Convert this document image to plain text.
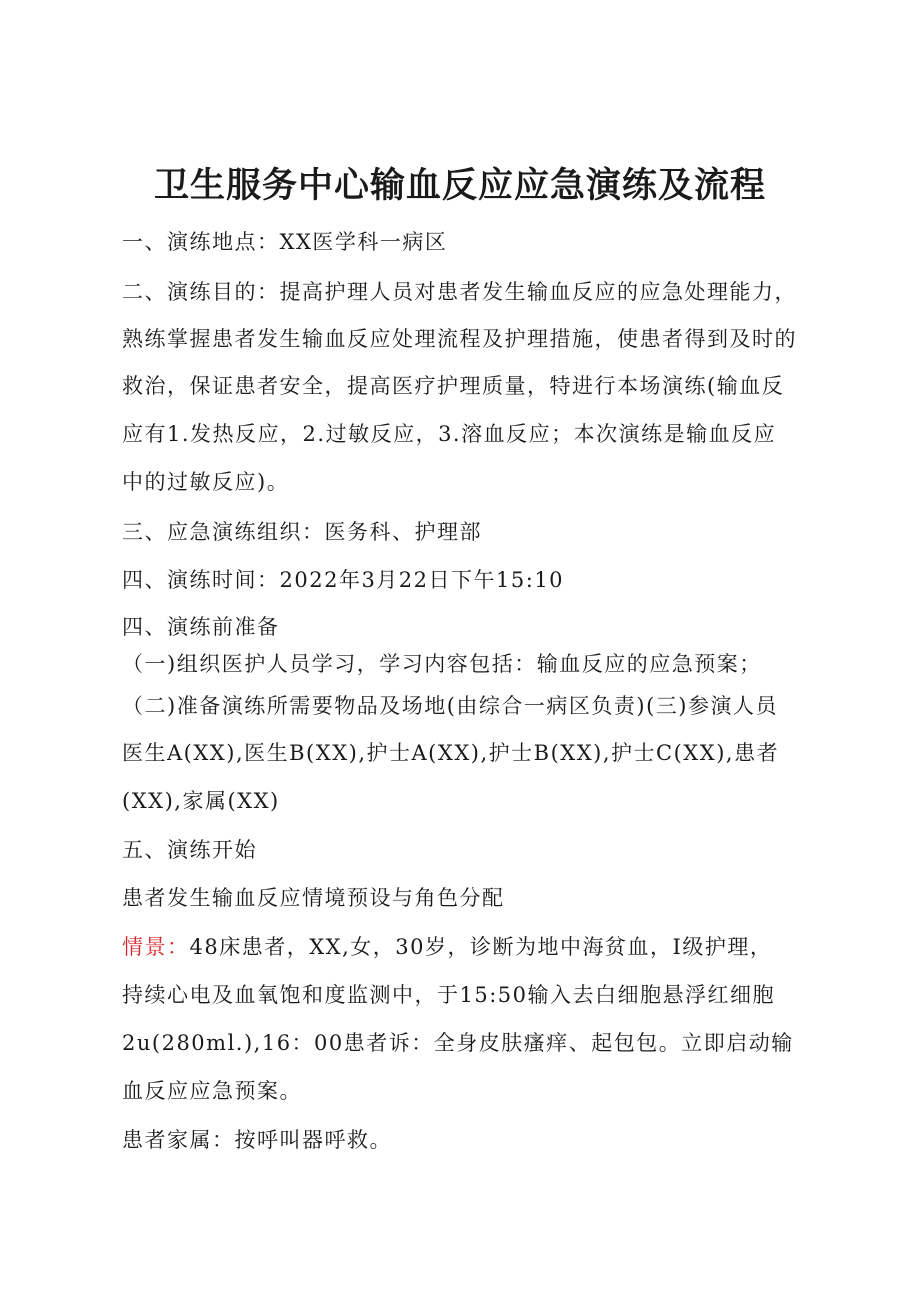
卫生服务中心输血反应应急演练及流程
一、演练地点：XX医学科一病区
二、演练目的：提高护理人员对患者发生输血反应的应急处理能力，
熟练掌握患者发生输血反应处理流程及护理措施，使患者得到及时的
救治，保证患者安全，提高医疗护理质量，特进行本场演练(输血反
应有1.发热反应，2.过敏反应，3.溶血反应；本次演练是输血反应
中的过敏反应)。
三、应急演练组织：医务科、护理部
四、演练时间：2022年3月22日下午15:10
四、演练前准备
（一)组织医护人员学习，学习内容包括：输血反应的应急预案；
（二)准备演练所需要物品及场地(由综合一病区负责)(三)参演人员
医生A(XX),医生B(XX),护士A(XX),护士B(XX),护士C(XX),患者
(XX),家属(XX)
五、演练开始
患者发生输血反应情境预设与角色分配
情景：48床患者，XX,女，30岁，诊断为地中海贫血，I级护理，
持续心电及血氧饱和度监测中，于15:50输入去白细胞悬浮红细胞
2u(280ml.),16：00患者诉：全身皮肤瘙痒、起包包。立即启动输
血反应应急预案。
患者家属：按呼叫器呼救。
